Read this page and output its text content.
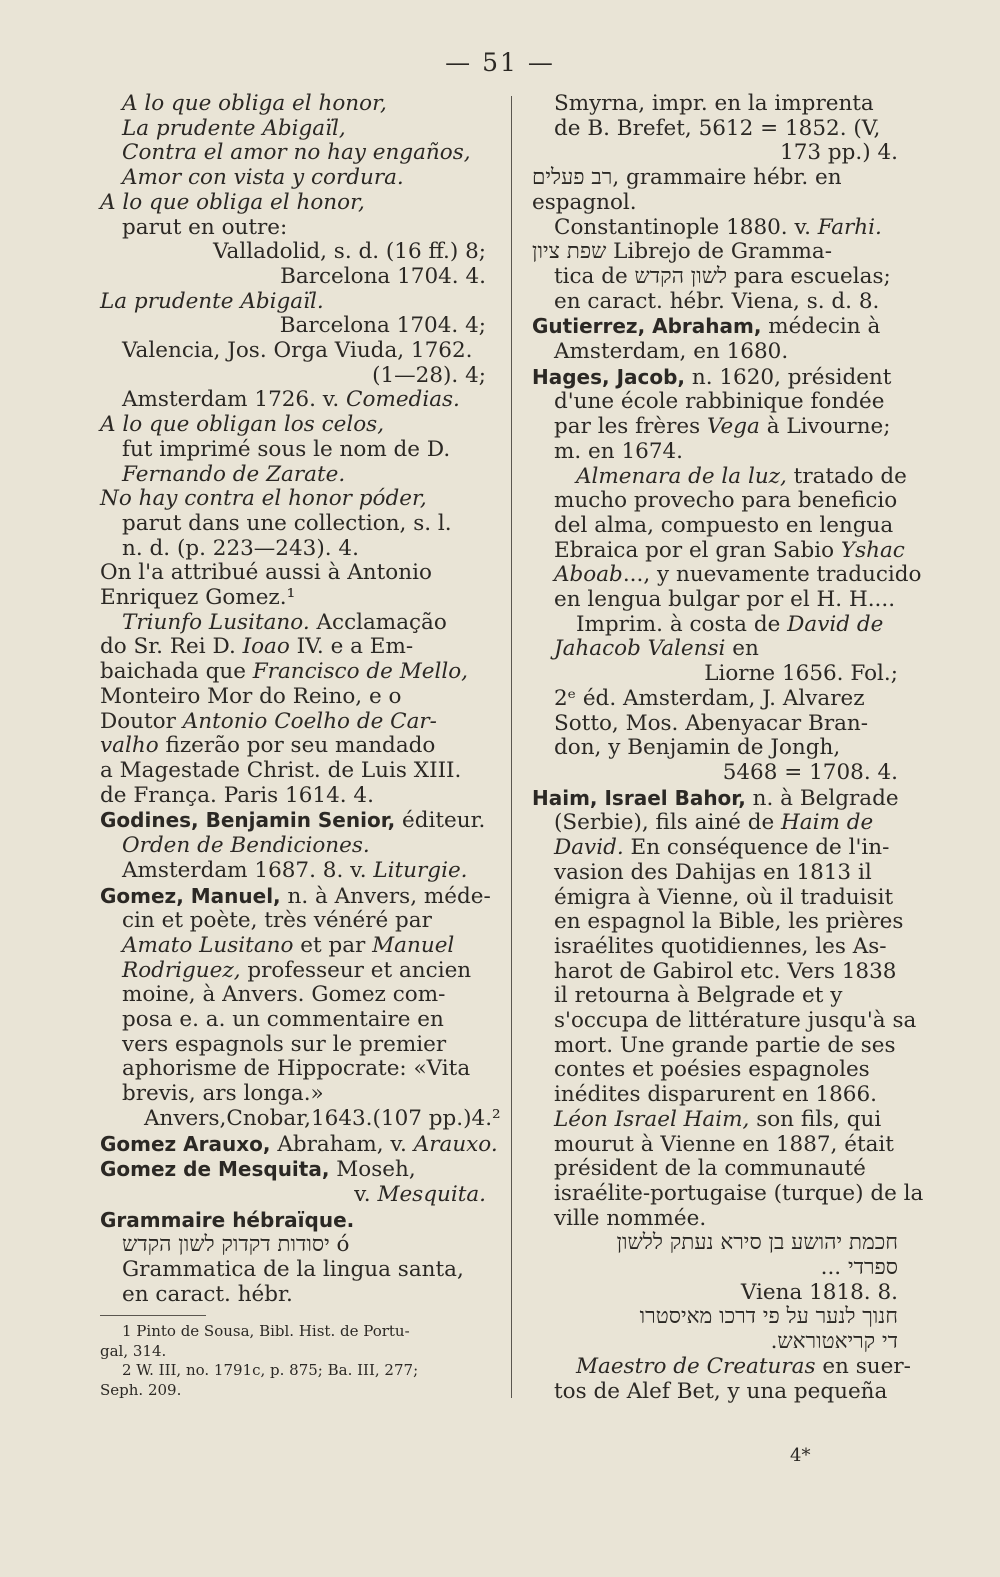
— 51 —
A lo que obliga el honor,
La prudente Abigaïl,
Contra el amor no hay engaños,
Amor con vista y cordura.
A lo que obliga el honor,
parut en outre:
Valladolid, s. d. (16 ff.) 8;
Barcelona 1704. 4.
La prudente Abigaïl.
Barcelona 1704. 4;
Valencia, Jos. Orga Viuda, 1762.
(1—28). 4;
Amsterdam 1726. v. Comedias.
A lo que obligan los celos,
fut imprimé sous le nom de D.
Fernando de Zarate.
No hay contra el honor póder,
parut dans une collection, s. l.
n. d. (p. 223—243). 4.
On l'a attribué aussi à Antonio
Enriquez Gomez.¹
Triunfo Lusitano. Acclamação
do Sr. Rei D. Ioao IV. e a Em-
baichada que Francisco de Mello,
Monteiro Mor do Reino, e o
Doutor Antonio Coelho de Car-
valho fizerão por seu mandado
a Magestade Christ. de Luis XIII.
de França. Paris 1614. 4.
Godines, Benjamin Senior, éditeur.
Orden de Bendiciones.
Amsterdam 1687. 8. v. Liturgie.
Gomez, Manuel, n. à Anvers, méde-
cin et poète, très vénéré par
Amato Lusitano et par Manuel
Rodriguez, professeur et ancien
moine, à Anvers. Gomez com-
posa e. a. un commentaire en
vers espagnols sur le premier
aphorisme de Hippocrate: «Vita
brevis, ars longa.»
Anvers,Cnobar,1643.(107 pp.)4.²
Gomez Arauxo, Abraham, v. Arauxo.
Gomez de Mesquita, Moseh,
v. Mesquita.
Grammaire hébraïque.
יסודות דקדוק לשון הקדש ó
Grammatica de la lingua santa,
en caract. hébr.
1 Pinto de Sousa, Bibl. Hist. de Portu-
gal, 314.
2 W. III, no. 1791c, p. 875; Ba. III, 277;
Seph. 209.
Smyrna, impr. en la imprenta
de B. Brefet, 5612 = 1852. (V,
173 pp.) 4.
רב פעלים, grammaire hébr. en
espagnol.
Constantinople 1880. v. Farhi.
שפת ציון Librejo de Gramma-
tica de לשון הקדש para escuelas;
en caract. hébr. Viena, s. d. 8.
Gutierrez, Abraham, médecin à
Amsterdam, en 1680.
Hages, Jacob, n. 1620, président
d'une école rabbinique fondée
par les frères Vega à Livourne;
m. en 1674.
Almenara de la luz, tratado de
mucho provecho para beneficio
del alma, compuesto en lengua
Ebraica por el gran Sabio Yshac
Aboab..., y nuevamente traducido
en lengua bulgar por el H. H....
Imprim. à costa de David de
Jahacob Valensi en
Liorne 1656. Fol.;
2ᵉ éd. Amsterdam, J. Alvarez
Sotto, Mos. Abenyacar Bran-
don, y Benjamin de Jongh,
5468 = 1708. 4.
Haim, Israel Bahor, n. à Belgrade
(Serbie), fils ainé de Haim de
David. En conséquence de l'in-
vasion des Dahijas en 1813 il
émigra à Vienne, où il traduisit
en espagnol la Bible, les prières
israélites quotidiennes, les As-
harot de Gabirol etc. Vers 1838
il retourna à Belgrade et y
s'occupa de littérature jusqu'à sa
mort. Une grande partie de ses
contes et poésies espagnoles
inédites disparurent en 1866.
Léon Israel Haim, son fils, qui
mourut à Vienne en 1887, était
président de la communauté
israélite-portugaise (turque) de la
ville nommée.
חכמת יהושע בן סירא נעתק ללשון
ספרדי ...
Viena 1818. 8.
חנוך לנער על פי דרכו מאיסטרו
די קריאטוראש.
Maestro de Creaturas en suer-
tos de Alef Bet, y una pequeña
4*
